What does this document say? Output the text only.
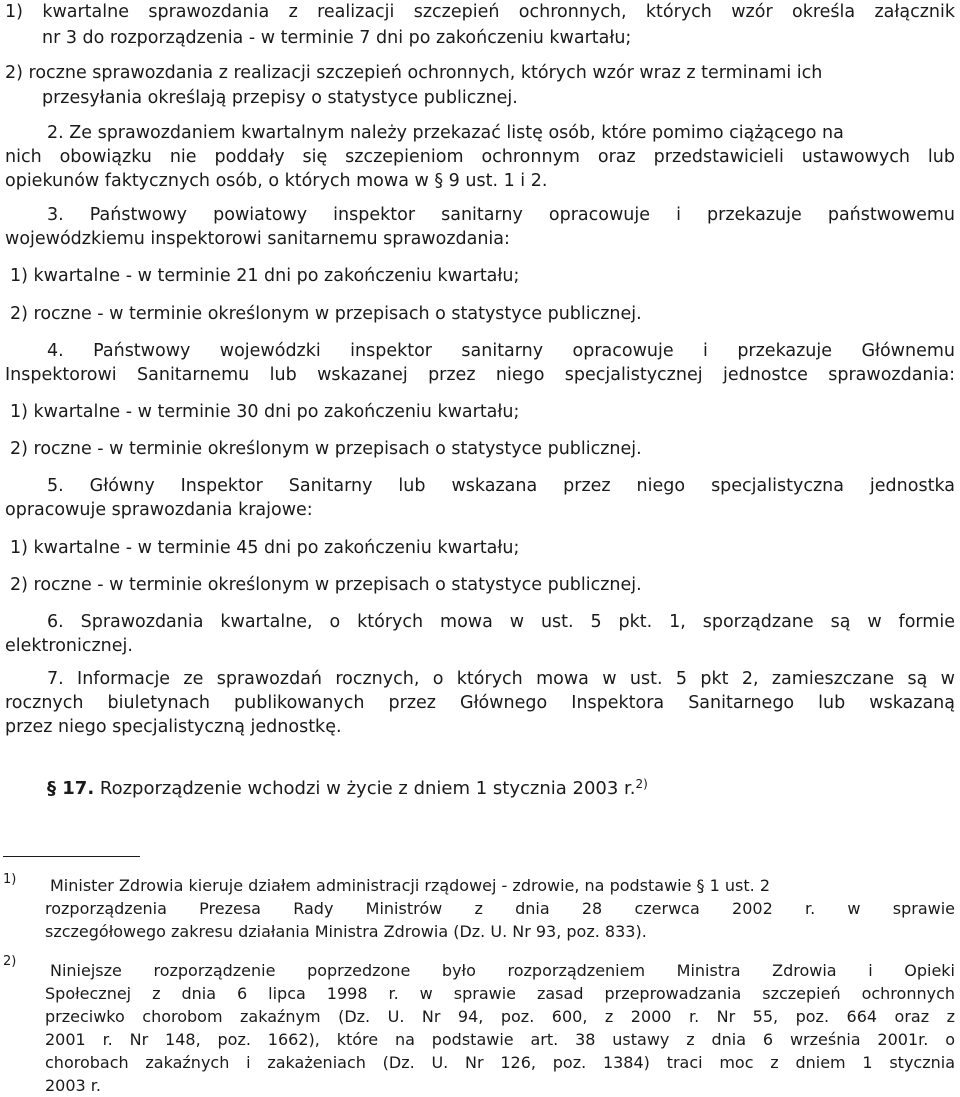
1) kwartalne sprawozdania z realizacji szczepień ochronnych, których wzór określa załącznik
nr 3 do rozporządzenia - w terminie 7 dni po zakończeniu kwartału;
2) roczne sprawozdania z realizacji szczepień ochronnych, których wzór wraz z terminami ich
przesyłania określają przepisy o statystyce publicznej.
2. Ze sprawozdaniem kwartalnym należy przekazać listę osób, które pomimo ciążącego na
nich obowiązku nie poddały się szczepieniom ochronnym oraz przedstawicieli ustawowych lub
opiekunów faktycznych osób, o których mowa w § 9 ust. 1 i 2.
3. Państwowy powiatowy inspektor sanitarny opracowuje i przekazuje państwowemu
wojewódzkiemu inspektorowi sanitarnemu sprawozdania:
1) kwartalne - w terminie 21 dni po zakończeniu kwartału;
2) roczne - w terminie określonym w przepisach o statystyce publicznej.
4. Państwowy wojewódzki inspektor sanitarny opracowuje i przekazuje Głównemu
Inspektorowi Sanitarnemu lub wskazanej przez niego specjalistycznej jednostce sprawozdania:
1) kwartalne - w terminie 30 dni po zakończeniu kwartału;
2) roczne - w terminie określonym w przepisach o statystyce publicznej.
5. Główny Inspektor Sanitarny lub wskazana przez niego specjalistyczna jednostka
opracowuje sprawozdania krajowe:
1) kwartalne - w terminie 45 dni po zakończeniu kwartału;
2) roczne - w terminie określonym w przepisach o statystyce publicznej.
6. Sprawozdania kwartalne, o których mowa w ust. 5 pkt. 1, sporządzane są w formie
elektronicznej.
7. Informacje ze sprawozdań rocznych, o których mowa w ust. 5 pkt 2, zamieszczane są w
rocznych biuletynach publikowanych przez Głównego Inspektora Sanitarnego lub wskazaną
przez niego specjalistyczną jednostkę.
§ 17. Rozporządzenie wchodzi w życie z dniem 1 stycznia 2003 r.$^{2)}$
1) Minister Zdrowia kieruje działem administracji rządowej - zdrowie, na podstawie § 1 ust. 2
rozporządzenia Prezesa Rady Ministrów z dnia 28 czerwca 2002 r. w sprawie
szczegółowego zakresu działania Ministra Zdrowia (Dz. U. Nr 93, poz. 833).
2) Niniejsze rozporządzenie poprzedzone było rozporządzeniem Ministra Zdrowia i Opieki
Społecznej z dnia 6 lipca 1998 r. w sprawie zasad przeprowadzania szczepień ochronnych
przeciwko chorobom zakaźnym (Dz. U. Nr 94, poz. 600, z 2000 r. Nr 55, poz. 664 oraz z
2001 r. Nr 148, poz. 1662), które na podstawie art. 38 ustawy z dnia 6 września 2001r. o
chorobach zakaźnych i zakażeniach (Dz. U. Nr 126, poz. 1384) traci moc z dniem 1 stycznia
2003 r.
